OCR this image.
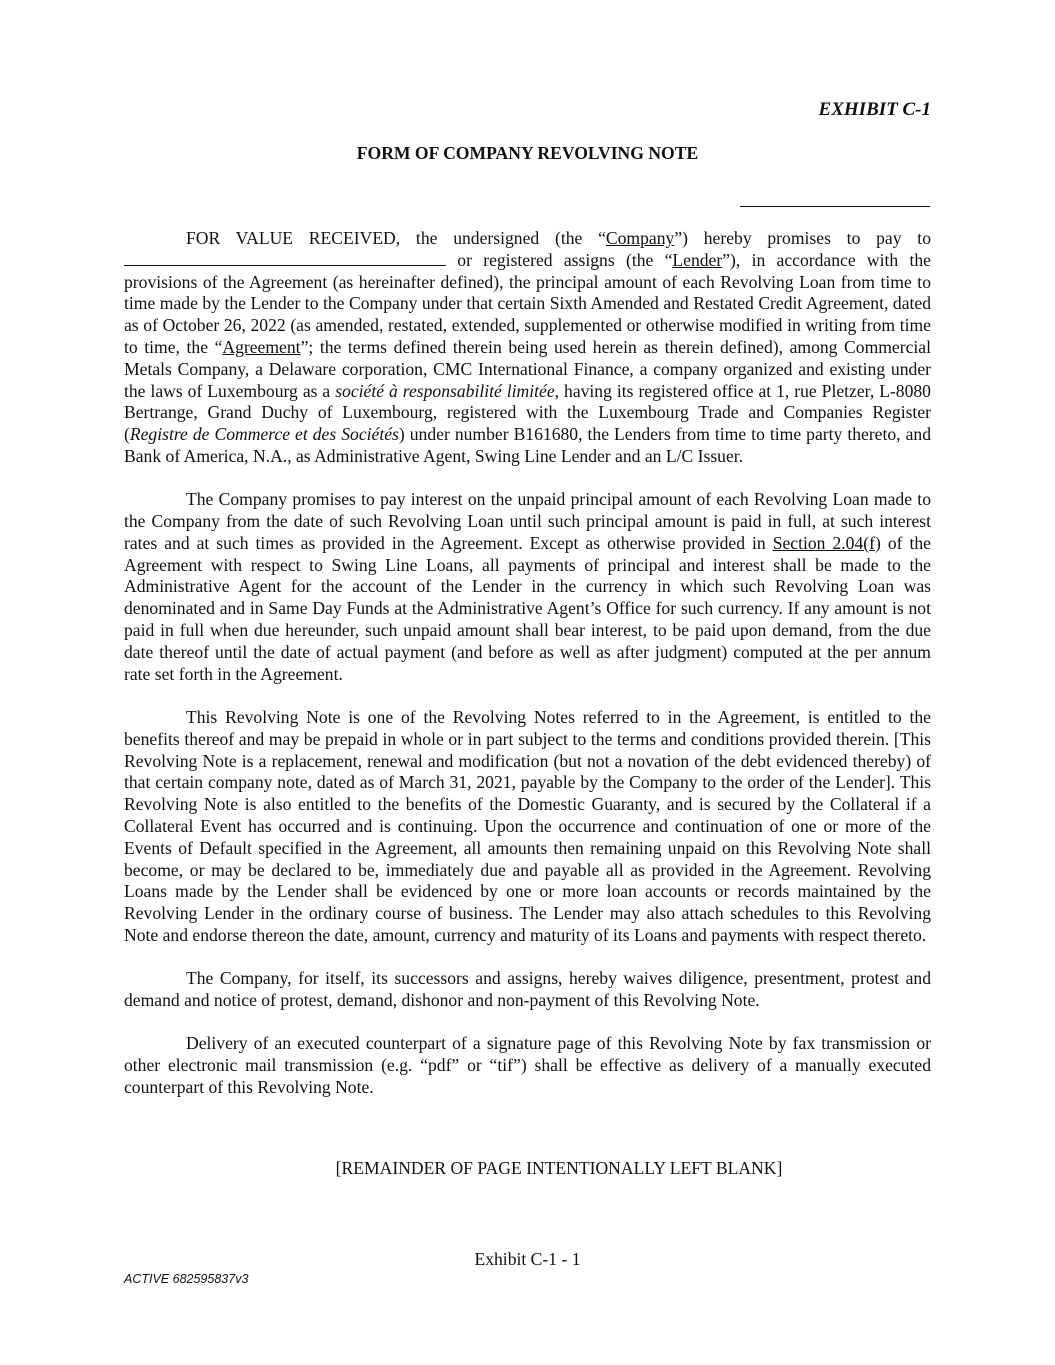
EXHIBIT C-1
FORM OF COMPANY REVOLVING NOTE

FOR VALUE RECEIVED, the undersigned (the “Company”) hereby promises to pay to  or registered assigns (the “Lender”), in accordance with the provisions of the Agreement (as hereinafter defined), the principal amount of each Revolving Loan from time to time made by the Lender to the Company under that certain Sixth Amended and Restated Credit Agreement, dated as of October 26, 2022 (as amended, restated, extended, supplemented or otherwise modified in writing from time to time, the “Agreement”; the terms defined therein being used herein as therein defined), among Commercial Metals Company, a Delaware corporation, CMC International Finance, a company organized and existing under the laws of Luxembourg as a société à responsabilité limitée, having its registered office at 1, rue Pletzer, L-8080 Bertrange, Grand Duchy of Luxembourg, registered with the Luxembourg Trade and Companies Register (Registre de Commerce et des Sociétés) under number B161680, the Lenders from time to time party thereto, and Bank of America, N.A., as Administrative Agent, Swing Line Lender and an L/C Issuer.

The Company promises to pay interest on the unpaid principal amount of each Revolving Loan made to the Company from the date of such Revolving Loan until such principal amount is paid in full, at such interest rates and at such times as provided in the Agreement. Except as otherwise provided in Section 2.04(f) of the Agreement with respect to Swing Line Loans, all payments of principal and interest shall be made to the Administrative Agent for the account of the Lender in the currency in which such Revolving Loan was denominated and in Same Day Funds at the Administrative Agent’s Office for such currency. If any amount is not paid in full when due hereunder, such unpaid amount shall bear interest, to be paid upon demand, from the due date thereof until the date of actual payment (and before as well as after judgment) computed at the per annum rate set forth in the Agreement.

This Revolving Note is one of the Revolving Notes referred to in the Agreement, is entitled to the benefits thereof and may be prepaid in whole or in part subject to the terms and conditions provided therein. [This Revolving Note is a replacement, renewal and modification (but not a novation of the debt evidenced thereby) of that certain company note, dated as of March 31, 2021, payable by the Company to the order of the Lender]. This Revolving Note is also entitled to the benefits of the Domestic Guaranty, and is secured by the Collateral if a Collateral Event has occurred and is continuing. Upon the occurrence and continuation of one or more of the Events of Default specified in the Agreement, all amounts then remaining unpaid on this Revolving Note shall become, or may be declared to be, immediately due and payable all as provided in the Agreement. Revolving Loans made by the Lender shall be evidenced by one or more loan accounts or records maintained by the Revolving Lender in the ordinary course of business. The Lender may also attach schedules to this Revolving Note and endorse thereon the date, amount, currency and maturity of its Loans and payments with respect thereto.

The Company, for itself, its successors and assigns, hereby waives diligence, presentment, protest and demand and notice of protest, demand, dishonor and non-payment of this Revolving Note.

Delivery of an executed counterpart of a signature page of this Revolving Note by fax transmission or other electronic mail transmission (e.g. “pdf” or “tif”) shall be effective as delivery of a manually executed counterpart of this Revolving Note.

[REMAINDER OF PAGE INTENTIONALLY LEFT BLANK]
Exhibit C-1 - 1
ACTIVE 682595837v3
